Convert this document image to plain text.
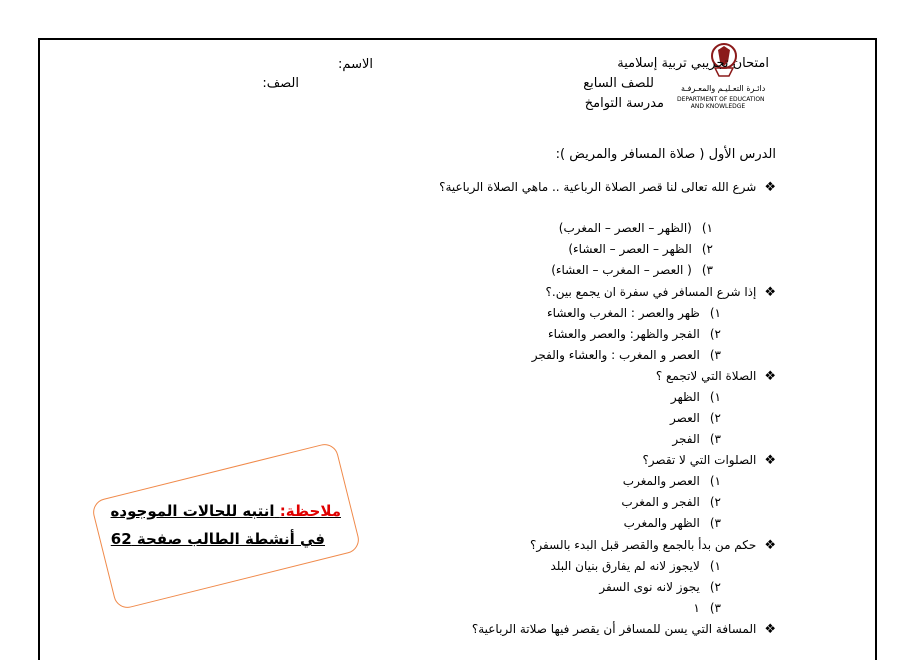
دائـرة التعـليـم والمعـرفـة
DEPARTMENT OF EDUCATION
AND KNOWLEDGE
امتحان تجريبي تربية إسلامية
للصف السابع
مدرسة التوامخ
الاسم:
الصف:
الدرس الأول ( صلاة المسافر والمريض ):
❖شرع الله تعالى لنا قصر الصلاة الرباعية .. ماهي الصلاة الرباعية؟
١)(الظهر – العصر – المغرب)
٢)الظهر – العصر – العشاء)
٣)( العصر – المغرب – العشاء)
❖إذا شرع المسافر في سفرة ان يجمع بين.؟
١)ظهر والعصر : المغرب والعشاء
٢)الفجر والظهر: والعصر والعشاء
٣)العصر و المغرب : والعشاء والفجر
❖الصلاة التي لاتجمع ؟
١)الظهر
٢)العصر
٣)الفجر
❖الصلوات التي لا تقصر؟
١)العصر والمغرب
٢)الفجر و المغرب
٣)الظهر والمغرب
❖حكم من بدأ بالجمع والقصر قبل البدء بالسفر؟
١)لايجوز لانه لم يفارق بنيان البلد
٢)يجوز لانه نوى السفر
٣)١
❖المسافة التي يسن للمسافر أن يقصر فيها صلاتة الرباعية؟
ملاحظة: انتبه للحالات الموجوده
في أنشطة الطالب صفحة 62
